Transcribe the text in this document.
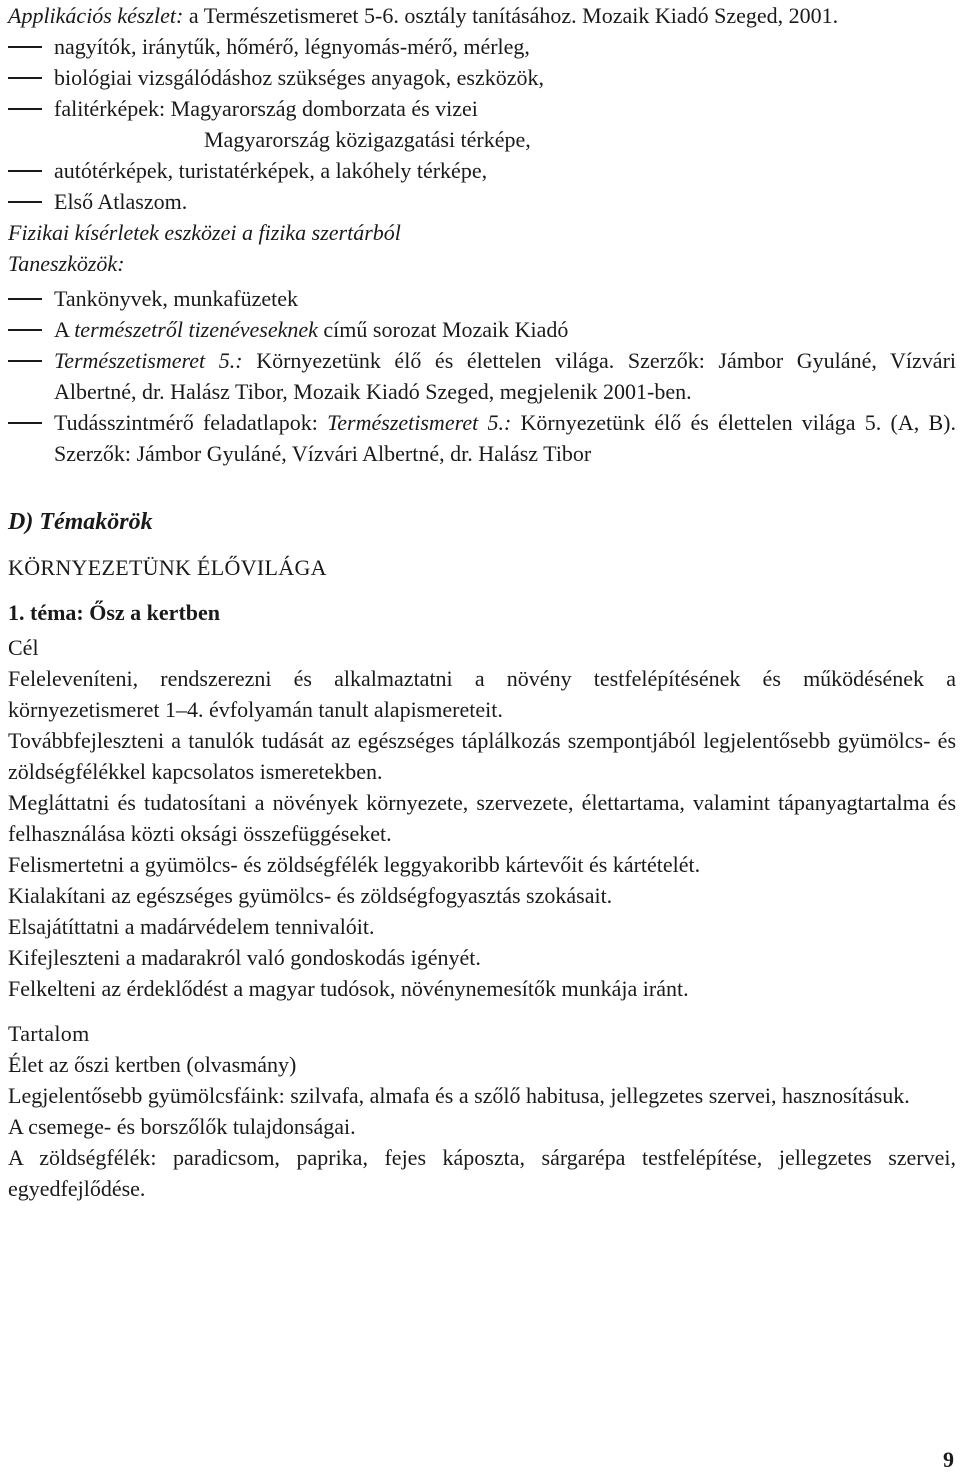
Applikációs készlet: a Természetismeret 5-6. osztály tanításához. Mozaik Kiadó Szeged, 2001.

nagyítók, iránytűk, hőmérő, légnyomás-mérő, mérleg,

biológiai vizsgálódáshoz szükséges anyagok, eszközök,

falitérképek: Magyarország domborzata és vizei

Magyarország közigazgatási térképe,

autótérképek, turistatérképek, a lakóhely térképe,

Első Atlaszom.

Fizikai kísérletek eszközei a fizika szertárból

Taneszközök:

Tankönyvek, munkafüzetek

A természetről tizenéveseknek című sorozat Mozaik Kiadó

Természetismeret 5.: Környezetünk élő és élettelen világa. Szerzők: Jámbor Gyuláné, Vízvári Albertné, dr. Halász Tibor, Mozaik Kiadó Szeged, megjelenik 2001-ben.

Tudásszintmérő feladatlapok: Természetismeret 5.: Környezetünk élő és élettelen világa 5. (A, B). Szerzők: Jámbor Gyuláné, Vízvári Albertné, dr. Halász Tibor

D) Témakörök

KÖRNYEZETÜNK ÉLŐVILÁGA

1. téma: Ősz a kertben

Cél

Feleleveníteni, rendszerezni és alkalmaztatni a növény testfelépítésének és működésének a környezetismeret 1–4. évfolyamán tanult alapismereteit.

Továbbfejleszteni a tanulók tudását az egészséges táplálkozás szempontjából legjelentősebb gyümölcs- és zöldségfélékkel kapcsolatos ismeretekben.

Megláttatni és tudatosítani a növények környezete, szervezete, élettartama, valamint tápanyagtartalma és felhasználása közti oksági összefüggéseket.

Felismertetni a gyümölcs- és zöldségfélék leggyakoribb kártevőit és kártételét.

Kialakítani az egészséges gyümölcs- és zöldségfogyasztás szokásait.

Elsajátíttatni a madárvédelem tennivalóit.

Kifejleszteni a madarakról való gondoskodás igényét.

Felkelteni az érdeklődést a magyar tudósok, növénynemesítők munkája iránt.

Tartalom

Élet az őszi kertben (olvasmány)

Legjelentősebb gyümölcsfáink: szilvafa, almafa és a szőlő habitusa, jellegzetes szervei, hasznosításuk.

A csemege- és borszőlők tulajdonságai.

A zöldségfélék: paradicsom, paprika, fejes káposzta, sárgarépa testfelépítése, jellegzetes szervei, egyedfejlődése.

9
